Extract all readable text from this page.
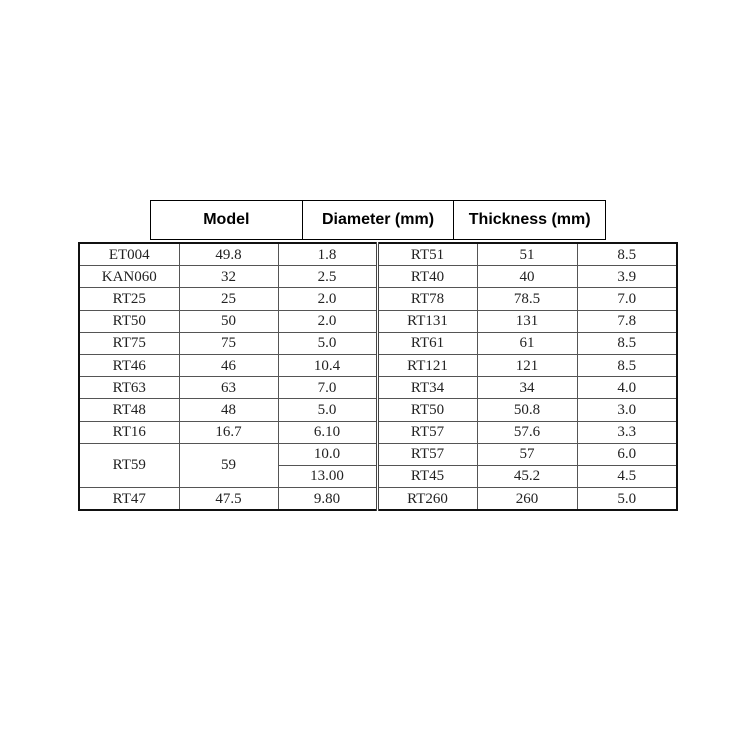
Model	Diameter (mm)	Thickness (mm)
ET004	49.8	1.8	RT51	51	8.5
KAN060	32	2.5	RT40	40	3.9
RT25	25	2.0	RT78	78.5	7.0
RT50	50	2.0	RT131	131	7.8
RT75	75	5.0	RT61	61	8.5
RT46	46	10.4	RT121	121	8.5
RT63	63	7.0	RT34	34	4.0
RT48	48	5.0	RT50	50.8	3.0
RT16	16.7	6.10	RT57	57.6	3.3
RT59	59	10.0	RT57	57	6.0
		13.00	RT45	45.2	4.5
RT47	47.5	9.80	RT260	260	5.0
